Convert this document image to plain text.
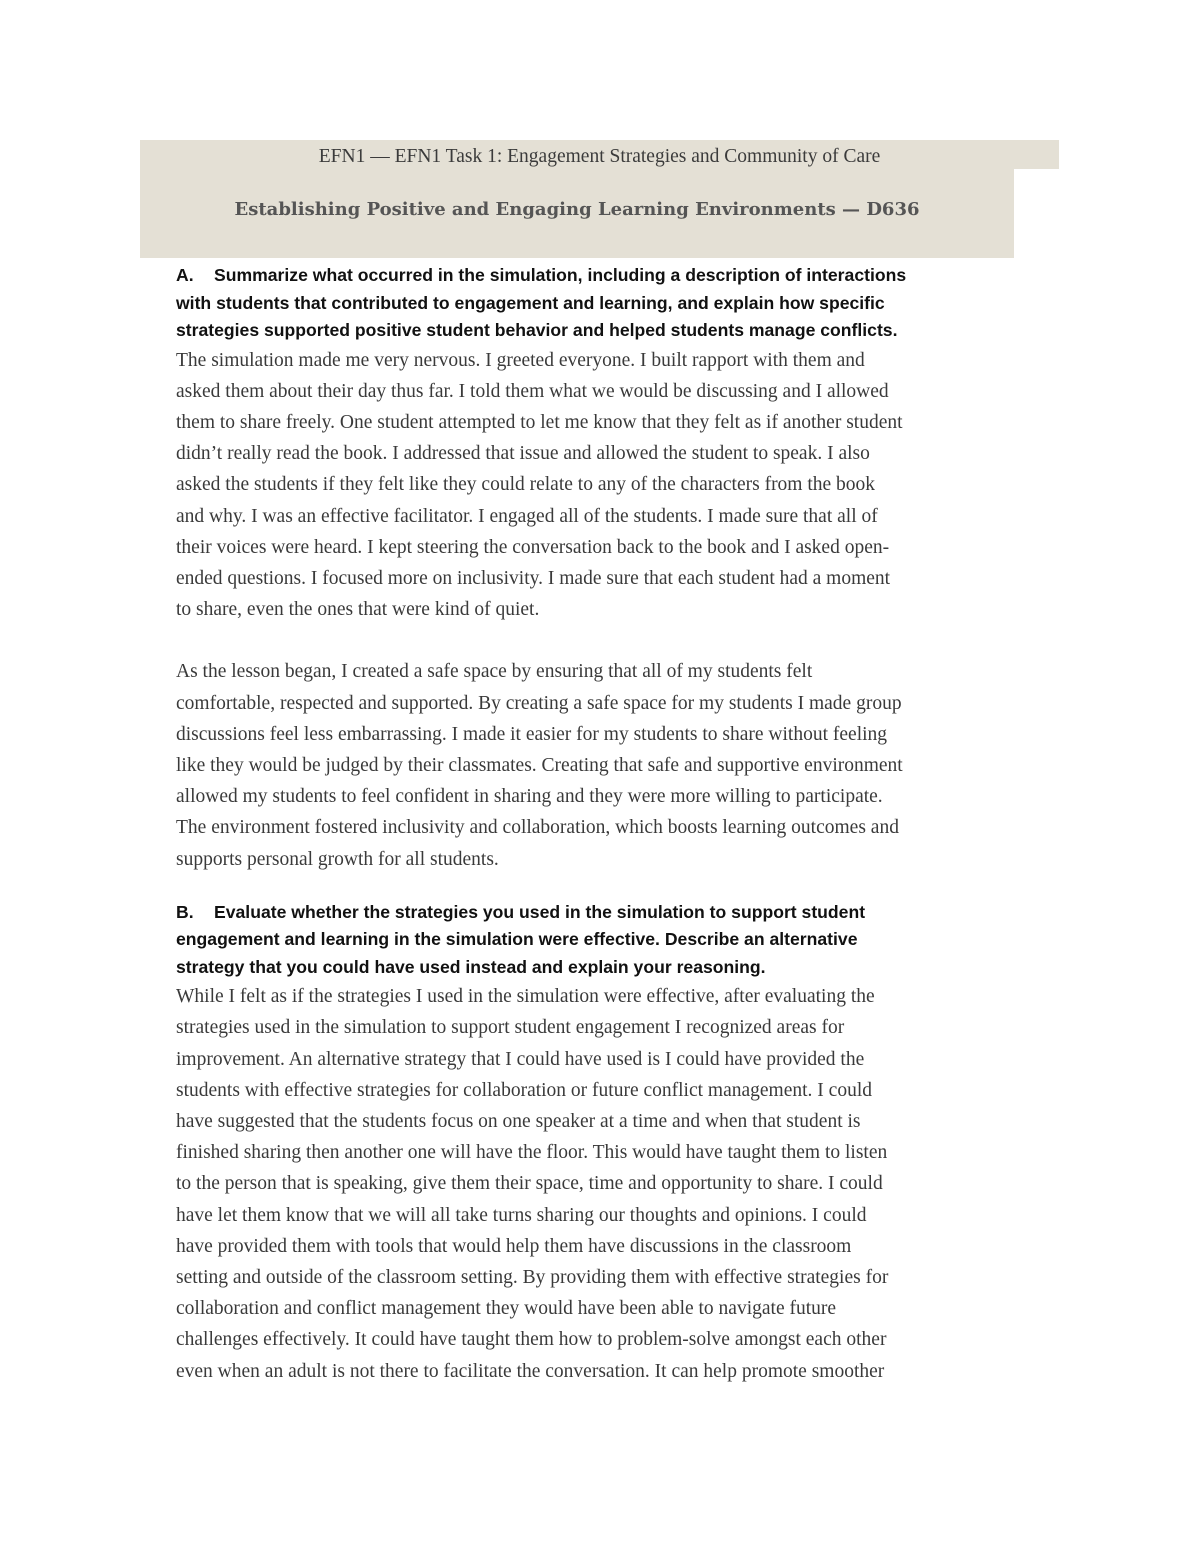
EFN1 — EFN1 Task 1: Engagement Strategies and Community of Care
Establishing Positive and Engaging Learning Environments — D636
A. Summarize what occurred in the simulation, including a description of interactions
with students that contributed to engagement and learning, and explain how specific
strategies supported positive student behavior and helped students manage conflicts.
The simulation made me very nervous. I greeted everyone. I built rapport with them and
asked them about their day thus far. I told them what we would be discussing and I allowed
them to share freely. One student attempted to let me know that they felt as if another student
didn’t really read the book. I addressed that issue and allowed the student to speak. I also
asked the students if they felt like they could relate to any of the characters from the book
and why. I was an effective facilitator. I engaged all of the students. I made sure that all of
their voices were heard. I kept steering the conversation back to the book and I asked open-
ended questions. I focused more on inclusivity. I made sure that each student had a moment
to share, even the ones that were kind of quiet.
As the lesson began, I created a safe space by ensuring that all of my students felt
comfortable, respected and supported. By creating a safe space for my students I made group
discussions feel less embarrassing. I made it easier for my students to share without feeling
like they would be judged by their classmates. Creating that safe and supportive environment
allowed my students to feel confident in sharing and they were more willing to participate.
The environment fostered inclusivity and collaboration, which boosts learning outcomes and
supports personal growth for all students.
B. Evaluate whether the strategies you used in the simulation to support student
engagement and learning in the simulation were effective. Describe an alternative
strategy that you could have used instead and explain your reasoning.
While I felt as if the strategies I used in the simulation were effective, after evaluating the
strategies used in the simulation to support student engagement I recognized areas for
improvement. An alternative strategy that I could have used is I could have provided the
students with effective strategies for collaboration or future conflict management. I could
have suggested that the students focus on one speaker at a time and when that student is
finished sharing then another one will have the floor. This would have taught them to listen
to the person that is speaking, give them their space, time and opportunity to share. I could
have let them know that we will all take turns sharing our thoughts and opinions. I could
have provided them with tools that would help them have discussions in the classroom
setting and outside of the classroom setting. By providing them with effective strategies for
collaboration and conflict management they would have been able to navigate future
challenges effectively. It could have taught them how to problem-solve amongst each other
even when an adult is not there to facilitate the conversation. It can help promote smoother
